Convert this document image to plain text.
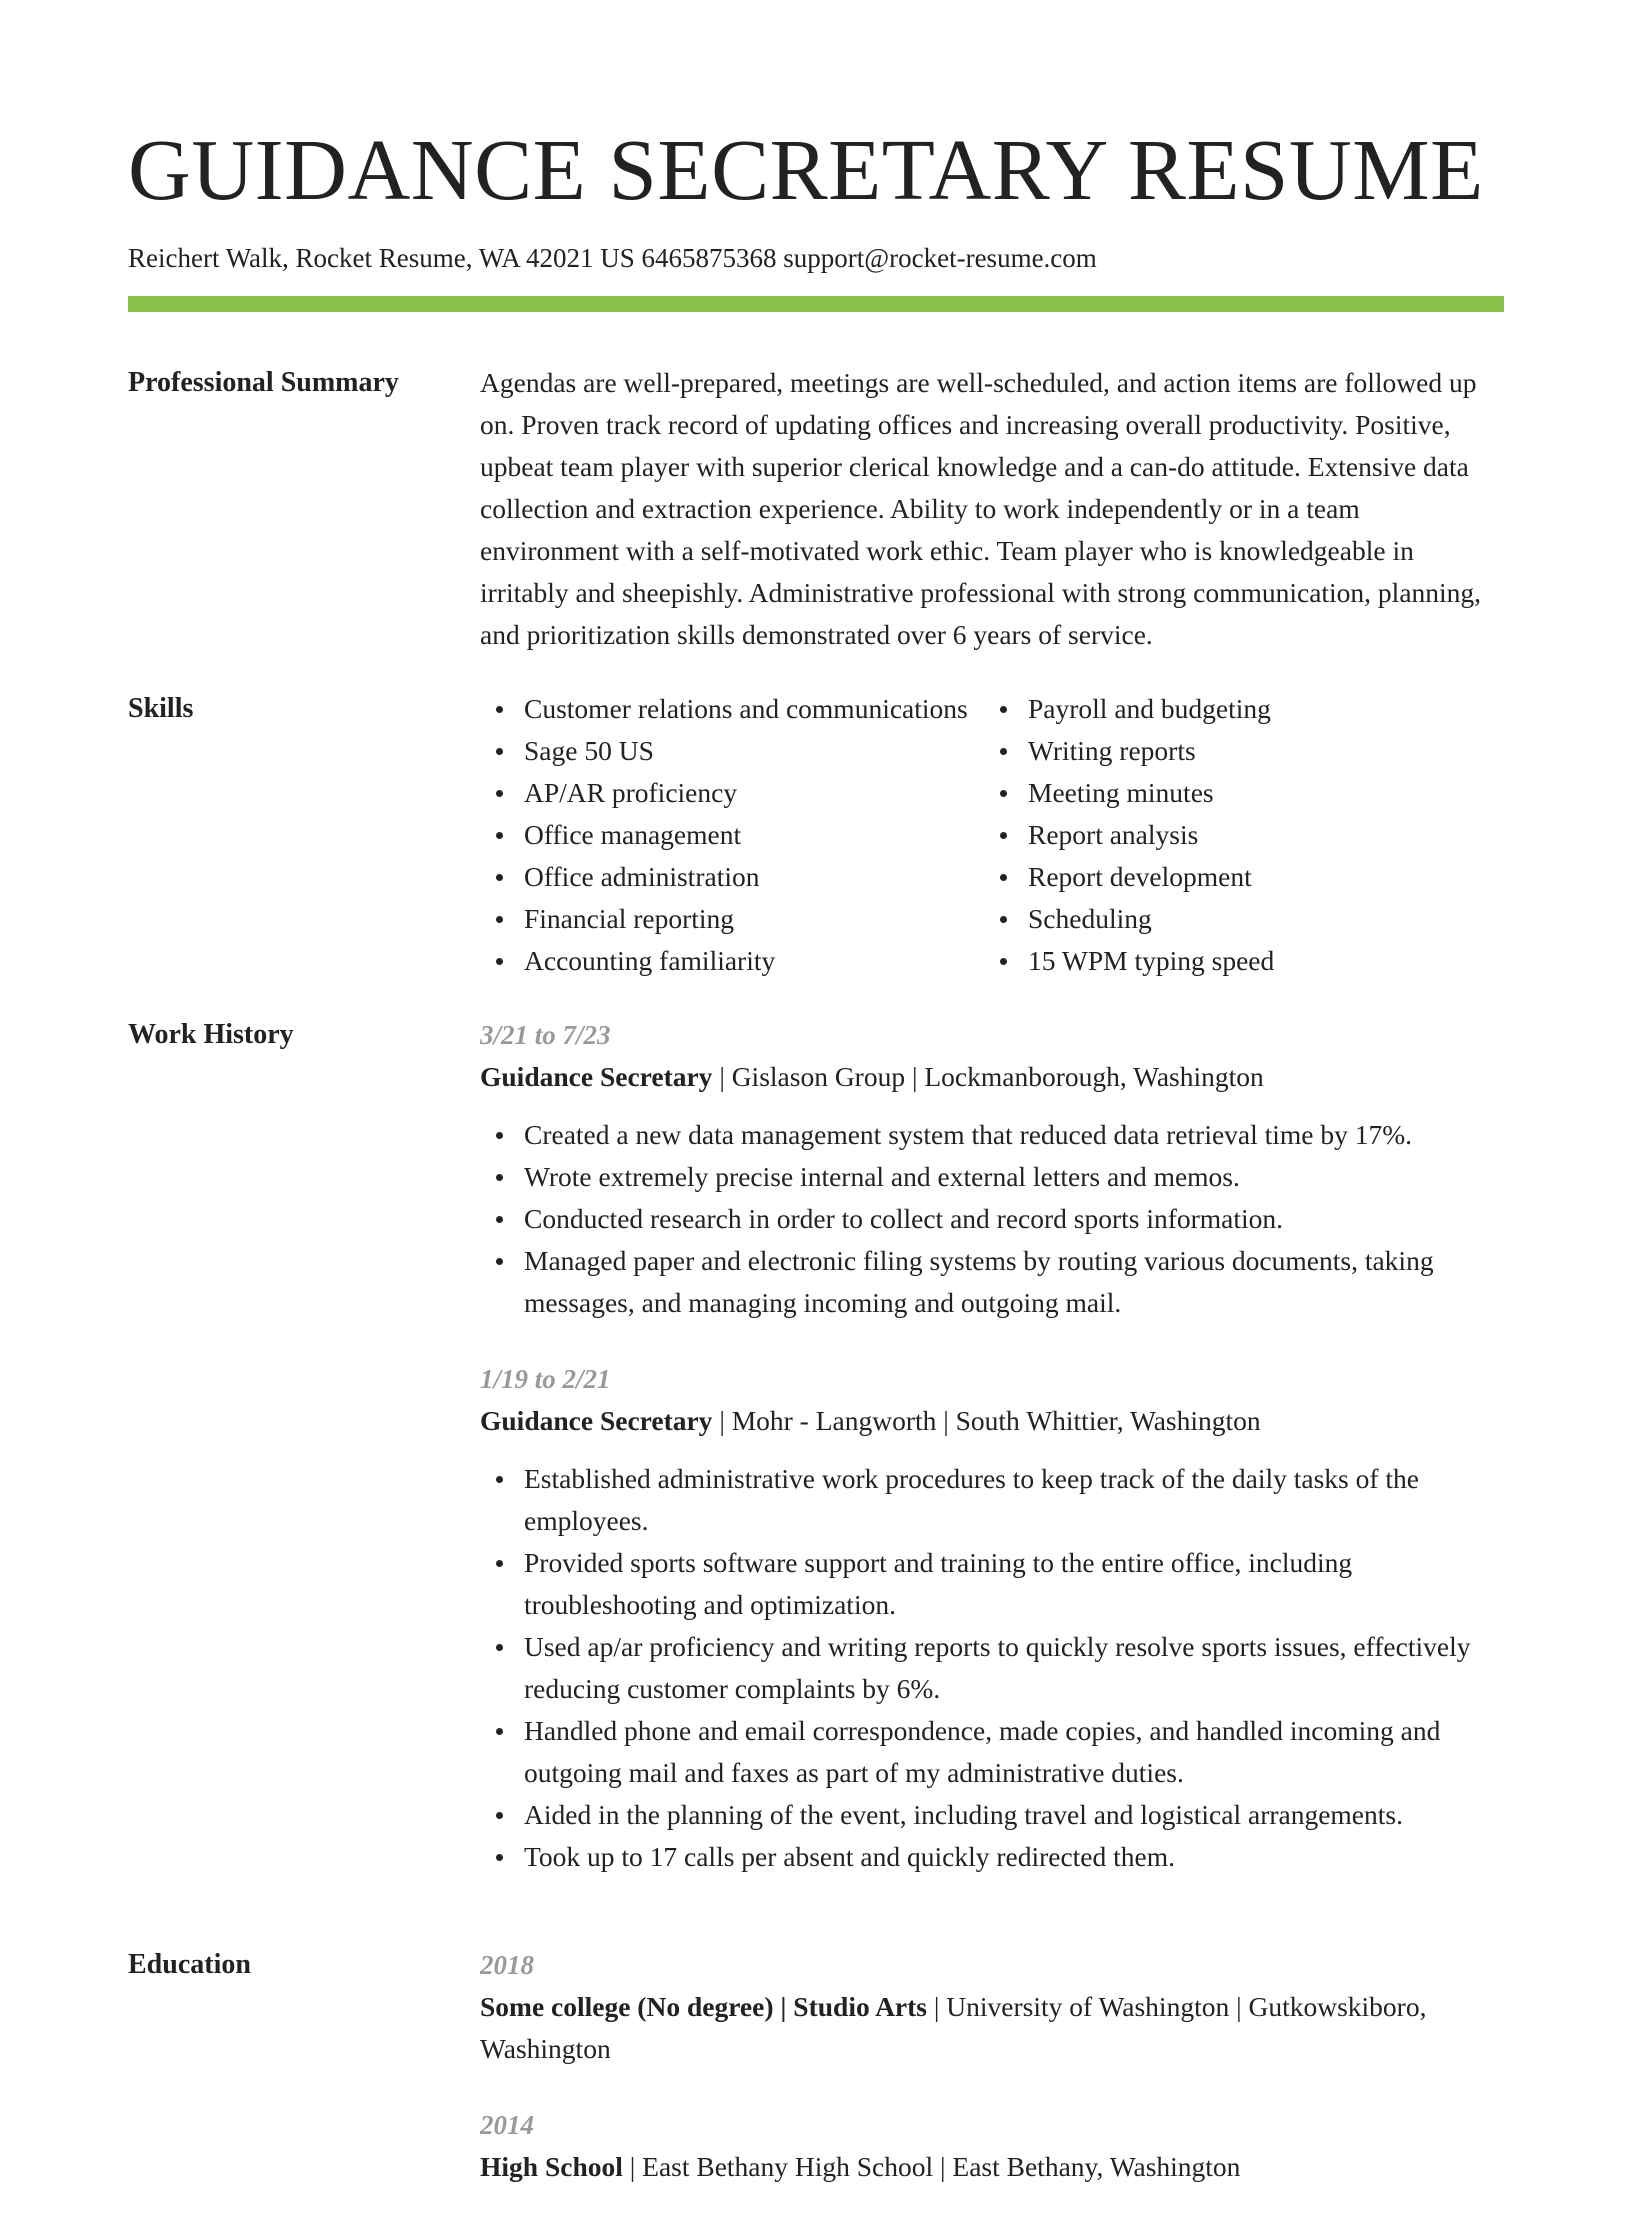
GUIDANCE SECRETARY RESUME
Reichert Walk, Rocket Resume, WA 42021 US 6465875368 support@rocket-resume.com
Professional Summary	Agendas are well-prepared, meetings are well-scheduled, and action items are followed up on. Proven track record of updating offices and increasing overall productivity. Positive, upbeat team player with superior clerical knowledge and a can-do attitude. Extensive data collection and extraction experience. Ability to work independently or in a team environment with a self-motivated work ethic. Team player who is knowledgeable in irritably and sheepishly. Administrative professional with strong communication, planning, and prioritization skills demonstrated over 6 years of service.
Skills	Customer relations and communications
Sage 50 US
AP/AR proficiency
Office management
Office administration
Financial reporting
Accounting familiarity
Payroll and budgeting
Writing reports
Meeting minutes
Report analysis
Report development
Scheduling
15 WPM typing speed
Work History	3/21 to 7/23
Guidance Secretary | Gislason Group | Lockmanborough, Washington
Created a new data management system that reduced data retrieval time by 17%.
Wrote extremely precise internal and external letters and memos.
Conducted research in order to collect and record sports information.
Managed paper and electronic filing systems by routing various documents, taking messages, and managing incoming and outgoing mail.
1/19 to 2/21
Guidance Secretary | Mohr - Langworth | South Whittier, Washington
Established administrative work procedures to keep track of the daily tasks of the employees.
Provided sports software support and training to the entire office, including troubleshooting and optimization.
Used ap/ar proficiency and writing reports to quickly resolve sports issues, effectively reducing customer complaints by 6%.
Handled phone and email correspondence, made copies, and handled incoming and outgoing mail and faxes as part of my administrative duties.
Aided in the planning of the event, including travel and logistical arrangements.
Took up to 17 calls per absent and quickly redirected them.
Education	2018
Some college (No degree) | Studio Arts | University of Washington | Gutkowskiboro, Washington
2014
High School | East Bethany High School | East Bethany, Washington
